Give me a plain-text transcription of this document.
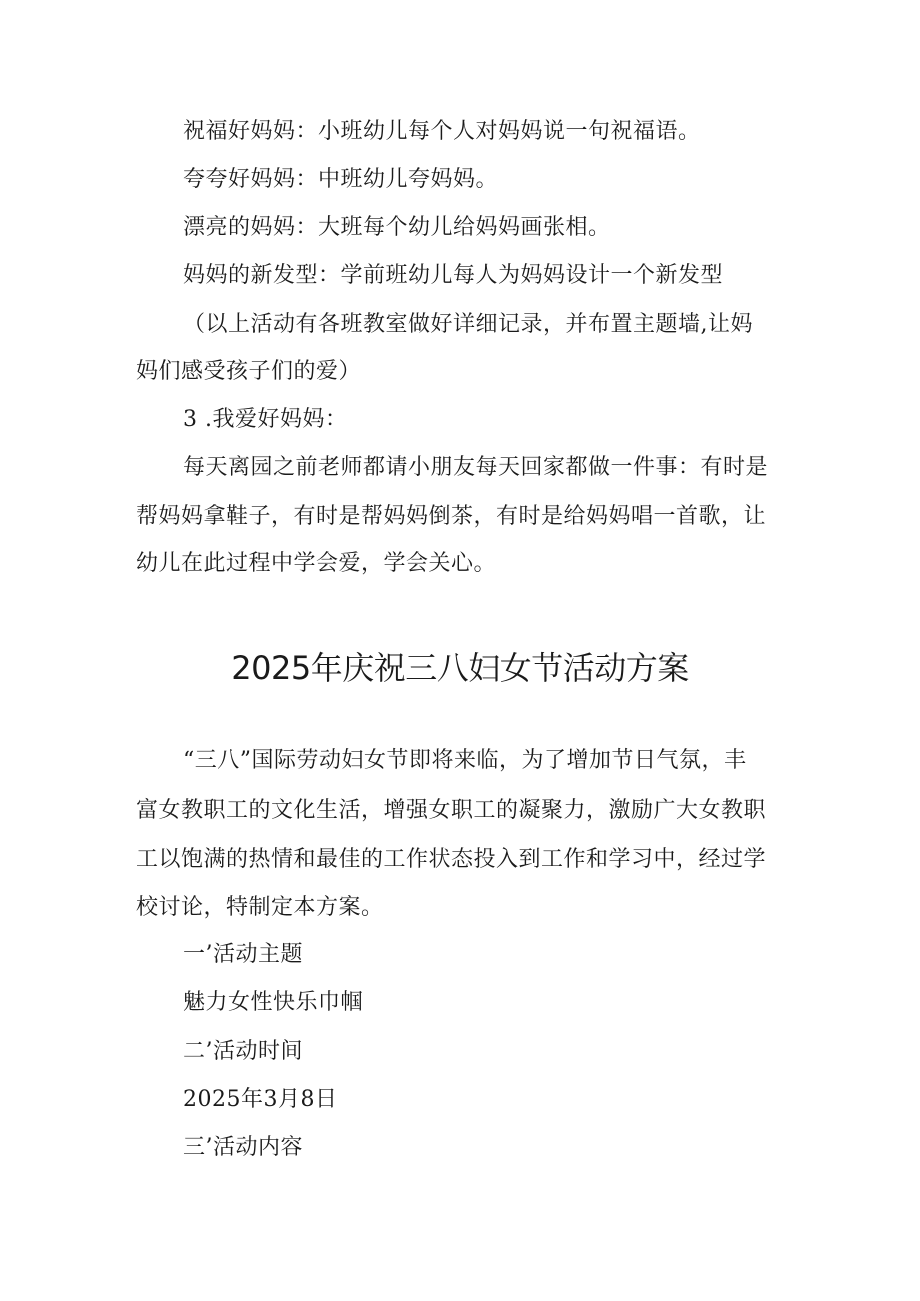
祝福好妈妈：小班幼儿每个人对妈妈说一句祝福语。
夸夸好妈妈：中班幼儿夸妈妈。
漂亮的妈妈：大班每个幼儿给妈妈画张相。
妈妈的新发型：学前班幼儿每人为妈妈设计一个新发型
（以上活动有各班教室做好详细记录，并布置主题墙,让妈
妈们感受孩子们的爱）
3 .我爱好妈妈：
每天离园之前老师都请小朋友每天回家都做一件事：有时是
帮妈妈拿鞋子，有时是帮妈妈倒茶，有时是给妈妈唱一首歌，让
幼儿在此过程中学会爱，学会关心。
2025年庆祝三八妇女节活动方案
“三八”国际劳动妇女节即将来临，为了增加节日气氛，丰
富女教职工的文化生活，增强女职工的凝聚力，激励广大女教职
工以饱满的热情和最佳的工作状态投入到工作和学习中，经过学
校讨论，特制定本方案。
一’活动主题
魅力女性快乐巾帼
二’活动时间
2025年3月8日
三’活动内容
